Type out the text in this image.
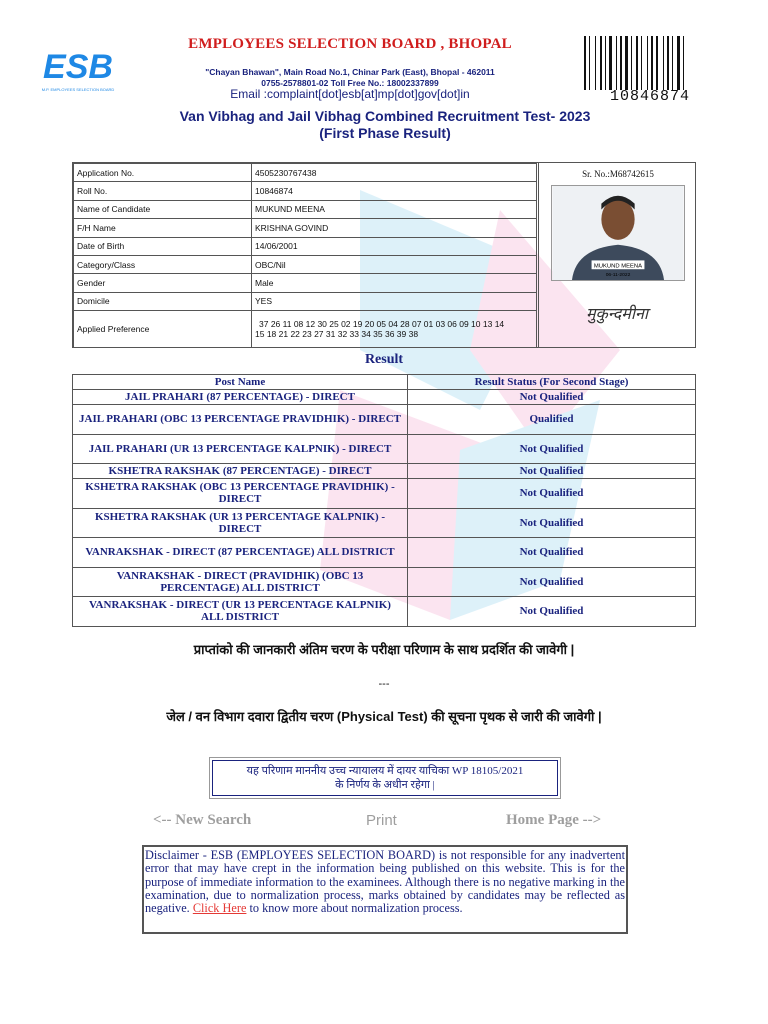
ESB
M.P. EMPLOYEES SELECTION BOARD
EMPLOYEES SELECTION BOARD , BHOPAL
"Chayan Bhawan", Main Road No.1, Chinar Park (East), Bhopal - 462011
0755-2578801-02 Toll Free No.: 18002337899
Email :complaint[dot]esb[at]mp[dot]gov[dot]in
Van Vibhag and Jail Vibhag Combined Recruitment Test- 2023
(First Phase Result)
10846874
Application No.	4505230767438
Roll No.	10846874
Name of Candidate	MUKUND MEENA
F/H Name	KRISHNA GOVIND
Date of Birth	14/06/2001
Category/Class	OBC/Nil
Gender	Male
Domicile	YES
Applied Preference	37 26 11 08 12 30 25 02 19 20 05 04 28 07 01 03 06 09 10 13 14
15 18 21 22 23 27 31 32 33 34 35 36 39 38
Sr. No.:M68742615
MUKUND MEENA
06-11-2022
मुकुन्दमीना
Result
Post Name	Result Status (For Second Stage)
JAIL PRAHARI (87 PERCENTAGE) - DIRECT	Not Qualified
JAIL PRAHARI (OBC 13 PERCENTAGE PRAVIDHIK) - DIRECT	Qualified
JAIL PRAHARI (UR 13 PERCENTAGE KALPNIK) - DIRECT	Not Qualified
KSHETRA RAKSHAK (87 PERCENTAGE) - DIRECT	Not Qualified
KSHETRA RAKSHAK (OBC 13 PERCENTAGE PRAVIDHIK) - DIRECT	Not Qualified
KSHETRA RAKSHAK (UR 13 PERCENTAGE KALPNIK) - DIRECT	Not Qualified
VANRAKSHAK - DIRECT (87 PERCENTAGE) ALL DISTRICT	Not Qualified
VANRAKSHAK - DIRECT (PRAVIDHIK) (OBC 13 PERCENTAGE) ALL DISTRICT	Not Qualified
VANRAKSHAK - DIRECT (UR 13 PERCENTAGE KALPNIK) ALL DISTRICT	Not Qualified
प्राप्तांको की जानकारी अंतिम चरण के परीक्षा परिणाम के साथ प्रदर्शित की जावेगी |
---
जेल / वन विभाग दवारा द्वितीय चरण (Physical Test) की सूचना पृथक से जारी की जावेगी |
यह परिणाम माननीय उच्च न्यायालय में दायर याचिका WP 18105/2021
के निर्णय के अधीन रहेगा |
<-- New Search	Print	Home Page -->
Disclaimer - ESB (EMPLOYEES SELECTION BOARD) is not responsible for any inadvertent error that may have crept in the information being published on this website. This is for the purpose of immediate information to the examinees. Although there is no negative marking in the examination, due to normalization process, marks obtained by candidates may be reflected as negative. Click Here to know more about normalization process.
